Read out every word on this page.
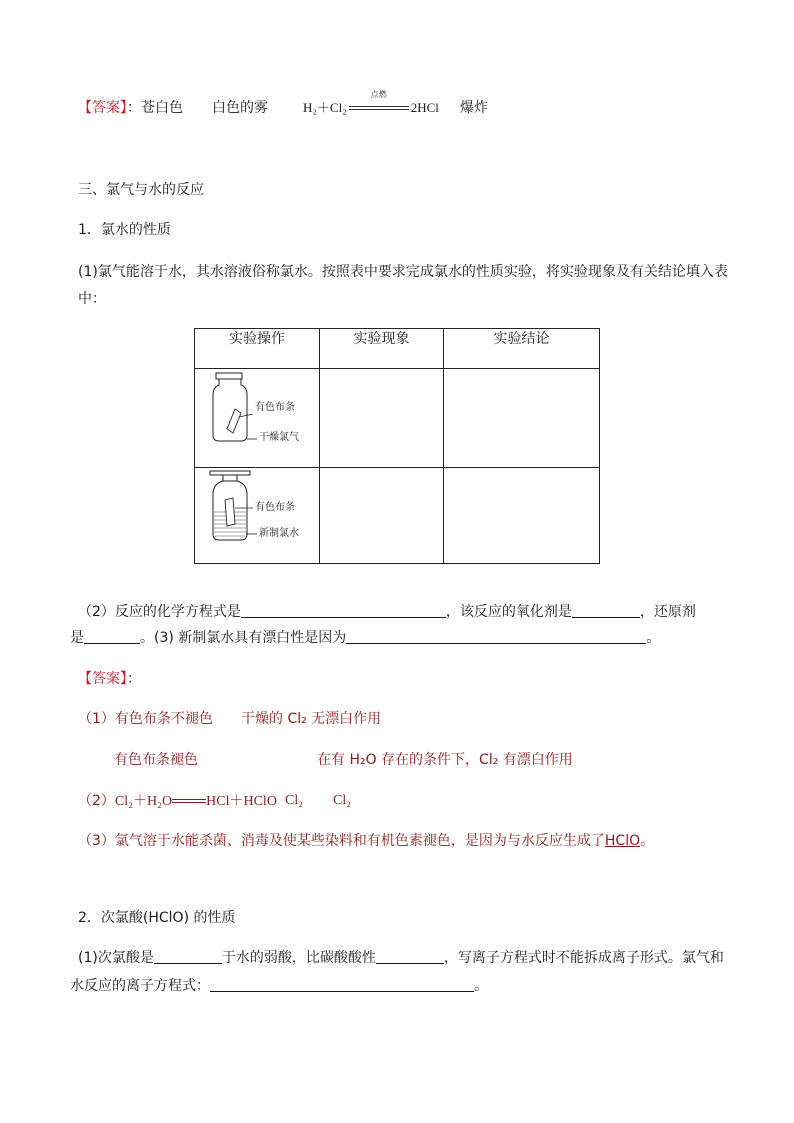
【答案】：苍白色 白色的雾	H₂＋Cl₂
点燃
2HCl 爆炸
三、氯气与水的反应
1．氯水的性质
(1)氯气能溶于水，其水溶液俗称氯水。按照表中要求完成氯水的性质实验，将实验现象及有关结论填入表
中：
实验操作	实验现象	实验结论

有色布条
干燥氯气		

有色布条
新制氯水		

（2）反应的化学方程式是	，该反应的氧化剂是	，还原剂
是	。(3) 新制氯水具有漂白性是因为	。
【答案】：
（1）有色布条不褪色 干燥的 Cl₂ 无漂白作用
有色布条褪色	在有 H₂O 存在的条件下，Cl₂ 有漂白作用
（2）Cl₂＋H₂O HCl＋HClO Cl₂ Cl₂
（3）氯气溶于水能杀菌、消毒及使某些染料和有机色素褪色，是因为与水反应生成了HClO。
2．次氯酸(HClO) 的性质
(1)次氯酸是	于水的弱酸，比碳酸酸性	，写离子方程式时不能拆成离子形式。氯气和
水反应的离子方程式：	。
